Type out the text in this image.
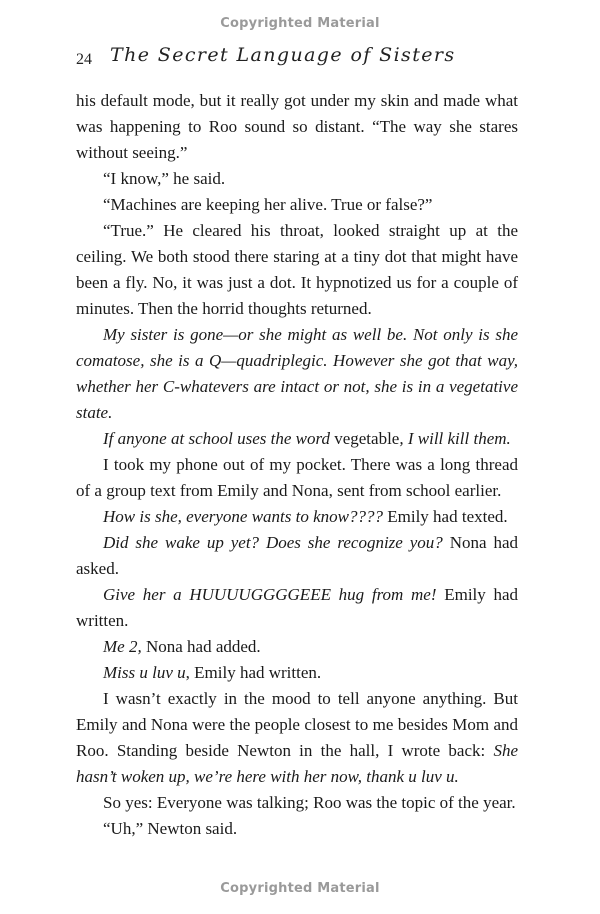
Copyrighted Material
24 The Secret Language of Sisters

his default mode, but it really got under my skin and made what was happening to Roo sound so distant. “The way she stares without seeing.”

“I know,” he said.

“Machines are keeping her alive. True or false?”

“True.” He cleared his throat, looked straight up at the ceiling. We both stood there staring at a tiny dot that might have been a fly. No, it was just a dot. It hypnotized us for a couple of minutes. Then the horrid thoughts returned.

My sister is gone—or she might as well be. Not only is she comatose, she is a Q—quadriplegic. However she got that way, whether her C-whatevers are intact or not, she is in a vegetative state.

If anyone at school uses the word vegetable, I will kill them.

I took my phone out of my pocket. There was a long thread of a group text from Emily and Nona, sent from school earlier.

How is she, everyone wants to know???? Emily had texted.

Did she wake up yet? Does she recognize you? Nona had asked.

Give her a HUUUUGGGGEEE hug from me! Emily had written.

Me 2, Nona had added.

Miss u luv u, Emily had written.

I wasn’t exactly in the mood to tell anyone anything. But Emily and Nona were the people closest to me besides Mom and Roo. Standing beside Newton in the hall, I wrote back: She hasn’t woken up, we’re here with her now, thank u luv u.

So yes: Everyone was talking; Roo was the topic of the year.

“Uh,” Newton said.

Copyrighted Material
